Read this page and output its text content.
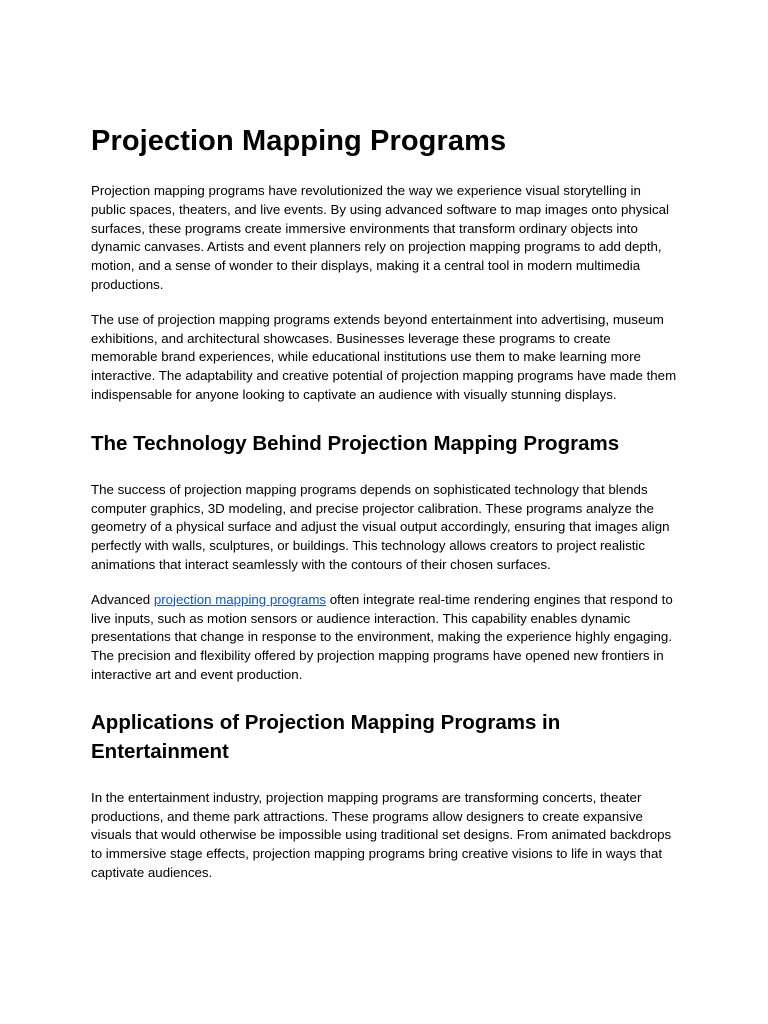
Projection Mapping Programs

Projection mapping programs have revolutionized the way we experience visual storytelling in public spaces, theaters, and live events. By using advanced software to map images onto physical surfaces, these programs create immersive environments that transform ordinary objects into dynamic canvases. Artists and event planners rely on projection mapping programs to add depth, motion, and a sense of wonder to their displays, making it a central tool in modern multimedia productions.

The use of projection mapping programs extends beyond entertainment into advertising, museum exhibitions, and architectural showcases. Businesses leverage these programs to create memorable brand experiences, while educational institutions use them to make learning more interactive. The adaptability and creative potential of projection mapping programs have made them indispensable for anyone looking to captivate an audience with visually stunning displays.

The Technology Behind Projection Mapping Programs

The success of projection mapping programs depends on sophisticated technology that blends computer graphics, 3D modeling, and precise projector calibration. These programs analyze the geometry of a physical surface and adjust the visual output accordingly, ensuring that images align perfectly with walls, sculptures, or buildings. This technology allows creators to project realistic animations that interact seamlessly with the contours of their chosen surfaces.

Advanced projection mapping programs often integrate real-time rendering engines that respond to live inputs, such as motion sensors or audience interaction. This capability enables dynamic presentations that change in response to the environment, making the experience highly engaging. The precision and flexibility offered by projection mapping programs have opened new frontiers in interactive art and event production.

Applications of Projection Mapping Programs in Entertainment

In the entertainment industry, projection mapping programs are transforming concerts, theater productions, and theme park attractions. These programs allow designers to create expansive visuals that would otherwise be impossible using traditional set designs. From animated backdrops to immersive stage effects, projection mapping programs bring creative visions to life in ways that captivate audiences.
